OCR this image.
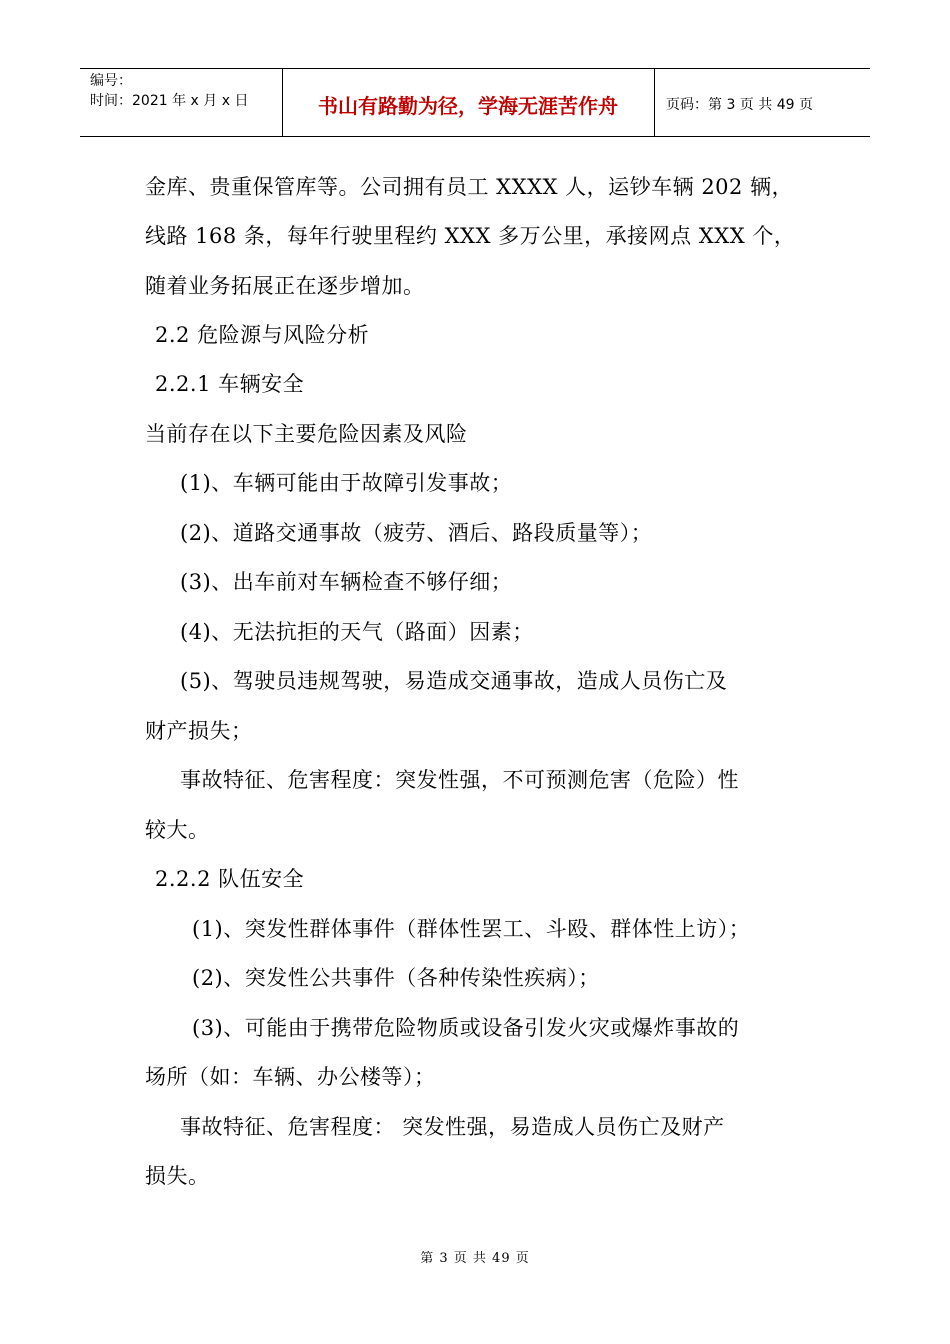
编号：
时间：2021 年 x 月 x 日	书山有路勤为径，学海无涯苦作舟	页码：第 3 页 共 49 页
金库、贵重保管库等。公司拥有员工 XXXX 人，运钞车辆 202 辆，
线路 168 条，每年行驶里程约 XXX 多万公里，承接网点 XXX 个，
随着业务拓展正在逐步增加。
2.2 危险源与风险分析
2.2.1 车辆安全
当前存在以下主要危险因素及风险
(1)、车辆可能由于故障引发事故；
(2)、道路交通事故（疲劳、酒后、路段质量等）；
(3)、出车前对车辆检查不够仔细；
(4)、无法抗拒的天气（路面）因素；
(5)、驾驶员违规驾驶，易造成交通事故，造成人员伤亡及
财产损失；
事故特征、危害程度：突发性强，不可预测危害（危险）性
较大。
2.2.2 队伍安全
(1)、突发性群体事件（群体性罢工、斗殴、群体性上访）；
(2)、突发性公共事件（各种传染性疾病）；
(3)、可能由于携带危险物质或设备引发火灾或爆炸事故的
场所（如：车辆、办公楼等）；
事故特征、危害程度： 突发性强，易造成人员伤亡及财产
损失。
第 3 页 共 49 页
